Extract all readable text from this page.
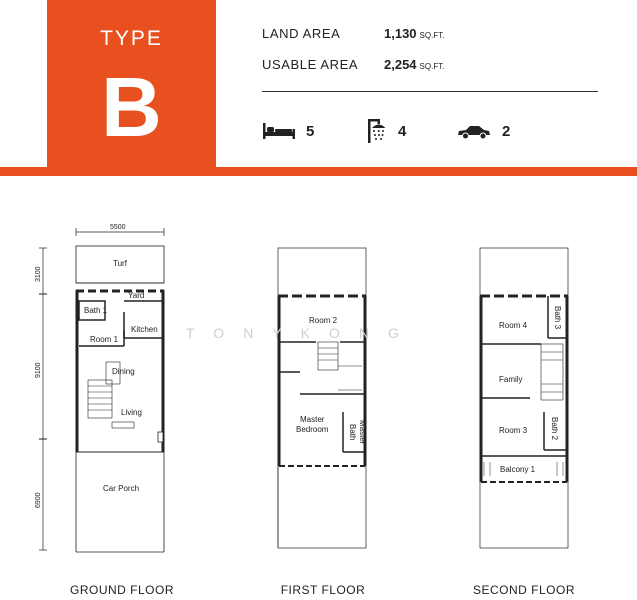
TYPE
B
LAND AREA	1,130 SQ.FT.
USABLE AREA 2,254 SQ.FT.
5	4	2
5500
3100
9100
6900
Turf
Yard
Bath 1
Kitchen
Room 1
Dining
Living
Car Porch
Room 2
Master
Bedroom	Master
Bath
Room 4	Bath 3
Family
Room 3	Bath 2
Balcony 1
TONYKONG
GROUND FLOOR	FIRST FLOOR	SECOND FLOOR
